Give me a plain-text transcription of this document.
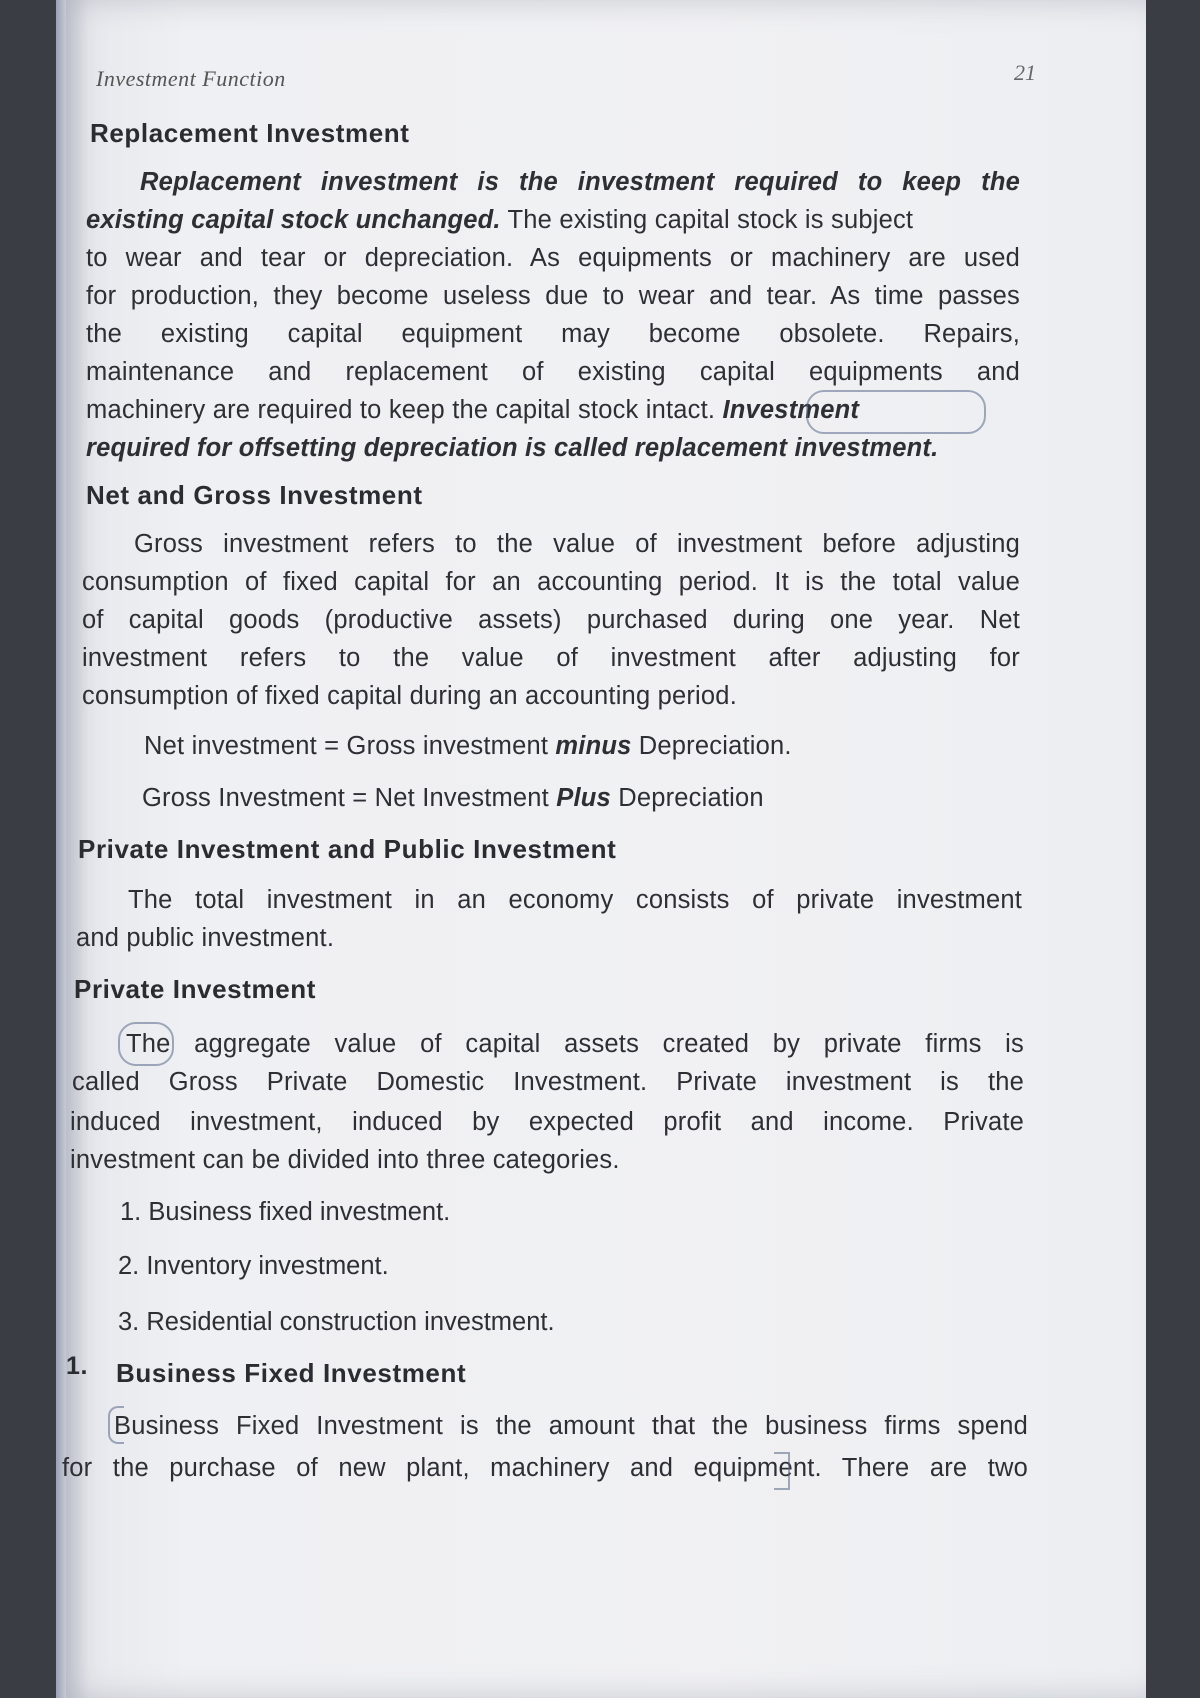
Investment Function	21
Replacement Investment
Replacement investment is the investment required to keep the
existing capital stock unchanged. The existing capital stock is subject
to wear and tear or depreciation. As equipments or machinery are used
for production, they become useless due to wear and tear. As time passes
the existing capital equipment may become obsolete. Repairs,
maintenance and replacement of existing capital equipments and
machinery are required to keep the capital stock intact. Investment
required for offsetting depreciation is called replacement investment.
Net and Gross Investment
Gross investment refers to the value of investment before adjusting
consumption of fixed capital for an accounting period. It is the total value
of capital goods (productive assets) purchased during one year. Net
investment refers to the value of investment after adjusting for
consumption of fixed capital during an accounting period.
Net investment = Gross investment minus Depreciation.
Gross Investment = Net Investment Plus Depreciation
Private Investment and Public Investment
The total investment in an economy consists of private investment
and public investment.
Private Investment
The aggregate value of capital assets created by private firms is
called Gross Private Domestic Investment. Private investment is the
induced investment, induced by expected profit and income. Private
investment can be divided into three categories.
1. Business fixed investment.
2. Inventory investment.
3. Residential construction investment.
1. Business Fixed Investment
Business Fixed Investment is the amount that the business firms spend
for the purchase of new plant, machinery and equipment. There are two
